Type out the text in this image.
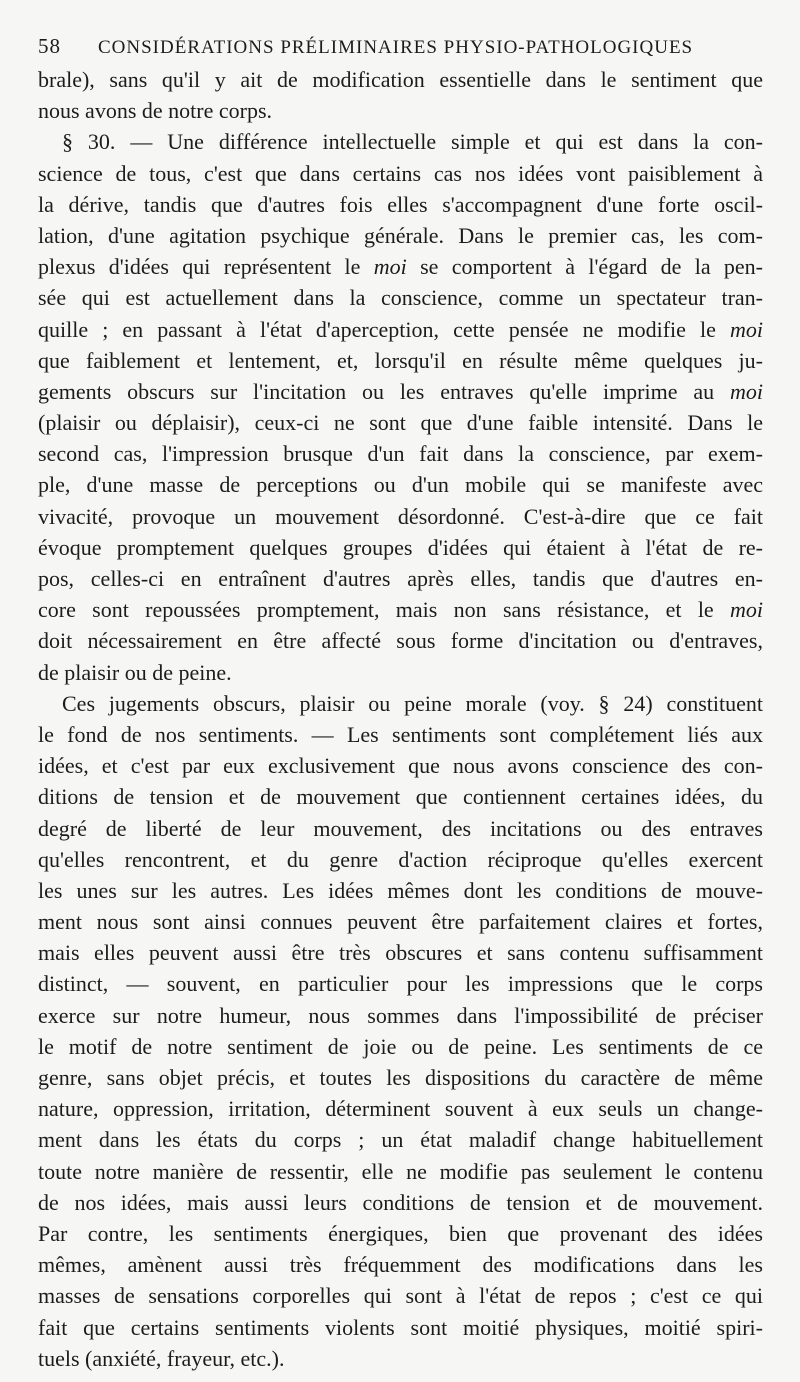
58	CONSIDÉRATIONS PRÉLIMINAIRES PHYSIO-PATHOLOGIQUES
brale), sans qu'il y ait de modification essentielle dans le sentiment que
nous avons de notre corps.
§ 30. — Une différence intellectuelle simple et qui est dans la con-
science de tous, c'est que dans certains cas nos idées vont paisiblement à
la dérive, tandis que d'autres fois elles s'accompagnent d'une forte oscil-
lation, d'une agitation psychique générale. Dans le premier cas, les com-
plexus d'idées qui représentent le moi se comportent à l'égard de la pen-
sée qui est actuellement dans la conscience, comme un spectateur tran-
quille ; en passant à l'état d'aperception, cette pensée ne modifie le moi
que faiblement et lentement, et, lorsqu'il en résulte même quelques ju-
gements obscurs sur l'incitation ou les entraves qu'elle imprime au moi
(plaisir ou déplaisir), ceux-ci ne sont que d'une faible intensité. Dans le
second cas, l'impression brusque d'un fait dans la conscience, par exem-
ple, d'une masse de perceptions ou d'un mobile qui se manifeste avec
vivacité, provoque un mouvement désordonné. C'est-à-dire que ce fait
évoque promptement quelques groupes d'idées qui étaient à l'état de re-
pos, celles-ci en entraînent d'autres après elles, tandis que d'autres en-
core sont repoussées promptement, mais non sans résistance, et le moi
doit nécessairement en être affecté sous forme d'incitation ou d'entraves,
de plaisir ou de peine.
Ces jugements obscurs, plaisir ou peine morale (voy. § 24) constituent
le fond de nos sentiments. — Les sentiments sont complétement liés aux
idées, et c'est par eux exclusivement que nous avons conscience des con-
ditions de tension et de mouvement que contiennent certaines idées, du
degré de liberté de leur mouvement, des incitations ou des entraves
qu'elles rencontrent, et du genre d'action réciproque qu'elles exercent
les unes sur les autres. Les idées mêmes dont les conditions de mouve-
ment nous sont ainsi connues peuvent être parfaitement claires et fortes,
mais elles peuvent aussi être très obscures et sans contenu suffisamment
distinct, — souvent, en particulier pour les impressions que le corps
exerce sur notre humeur, nous sommes dans l'impossibilité de préciser
le motif de notre sentiment de joie ou de peine. Les sentiments de ce
genre, sans objet précis, et toutes les dispositions du caractère de même
nature, oppression, irritation, déterminent souvent à eux seuls un change-
ment dans les états du corps ; un état maladif change habituellement
toute notre manière de ressentir, elle ne modifie pas seulement le contenu
de nos idées, mais aussi leurs conditions de tension et de mouvement.
Par contre, les sentiments énergiques, bien que provenant des idées
mêmes, amènent aussi très fréquemment des modifications dans les
masses de sensations corporelles qui sont à l'état de repos ; c'est ce qui
fait que certains sentiments violents sont moitié physiques, moitié spiri-
tuels (anxiété, frayeur, etc.).
